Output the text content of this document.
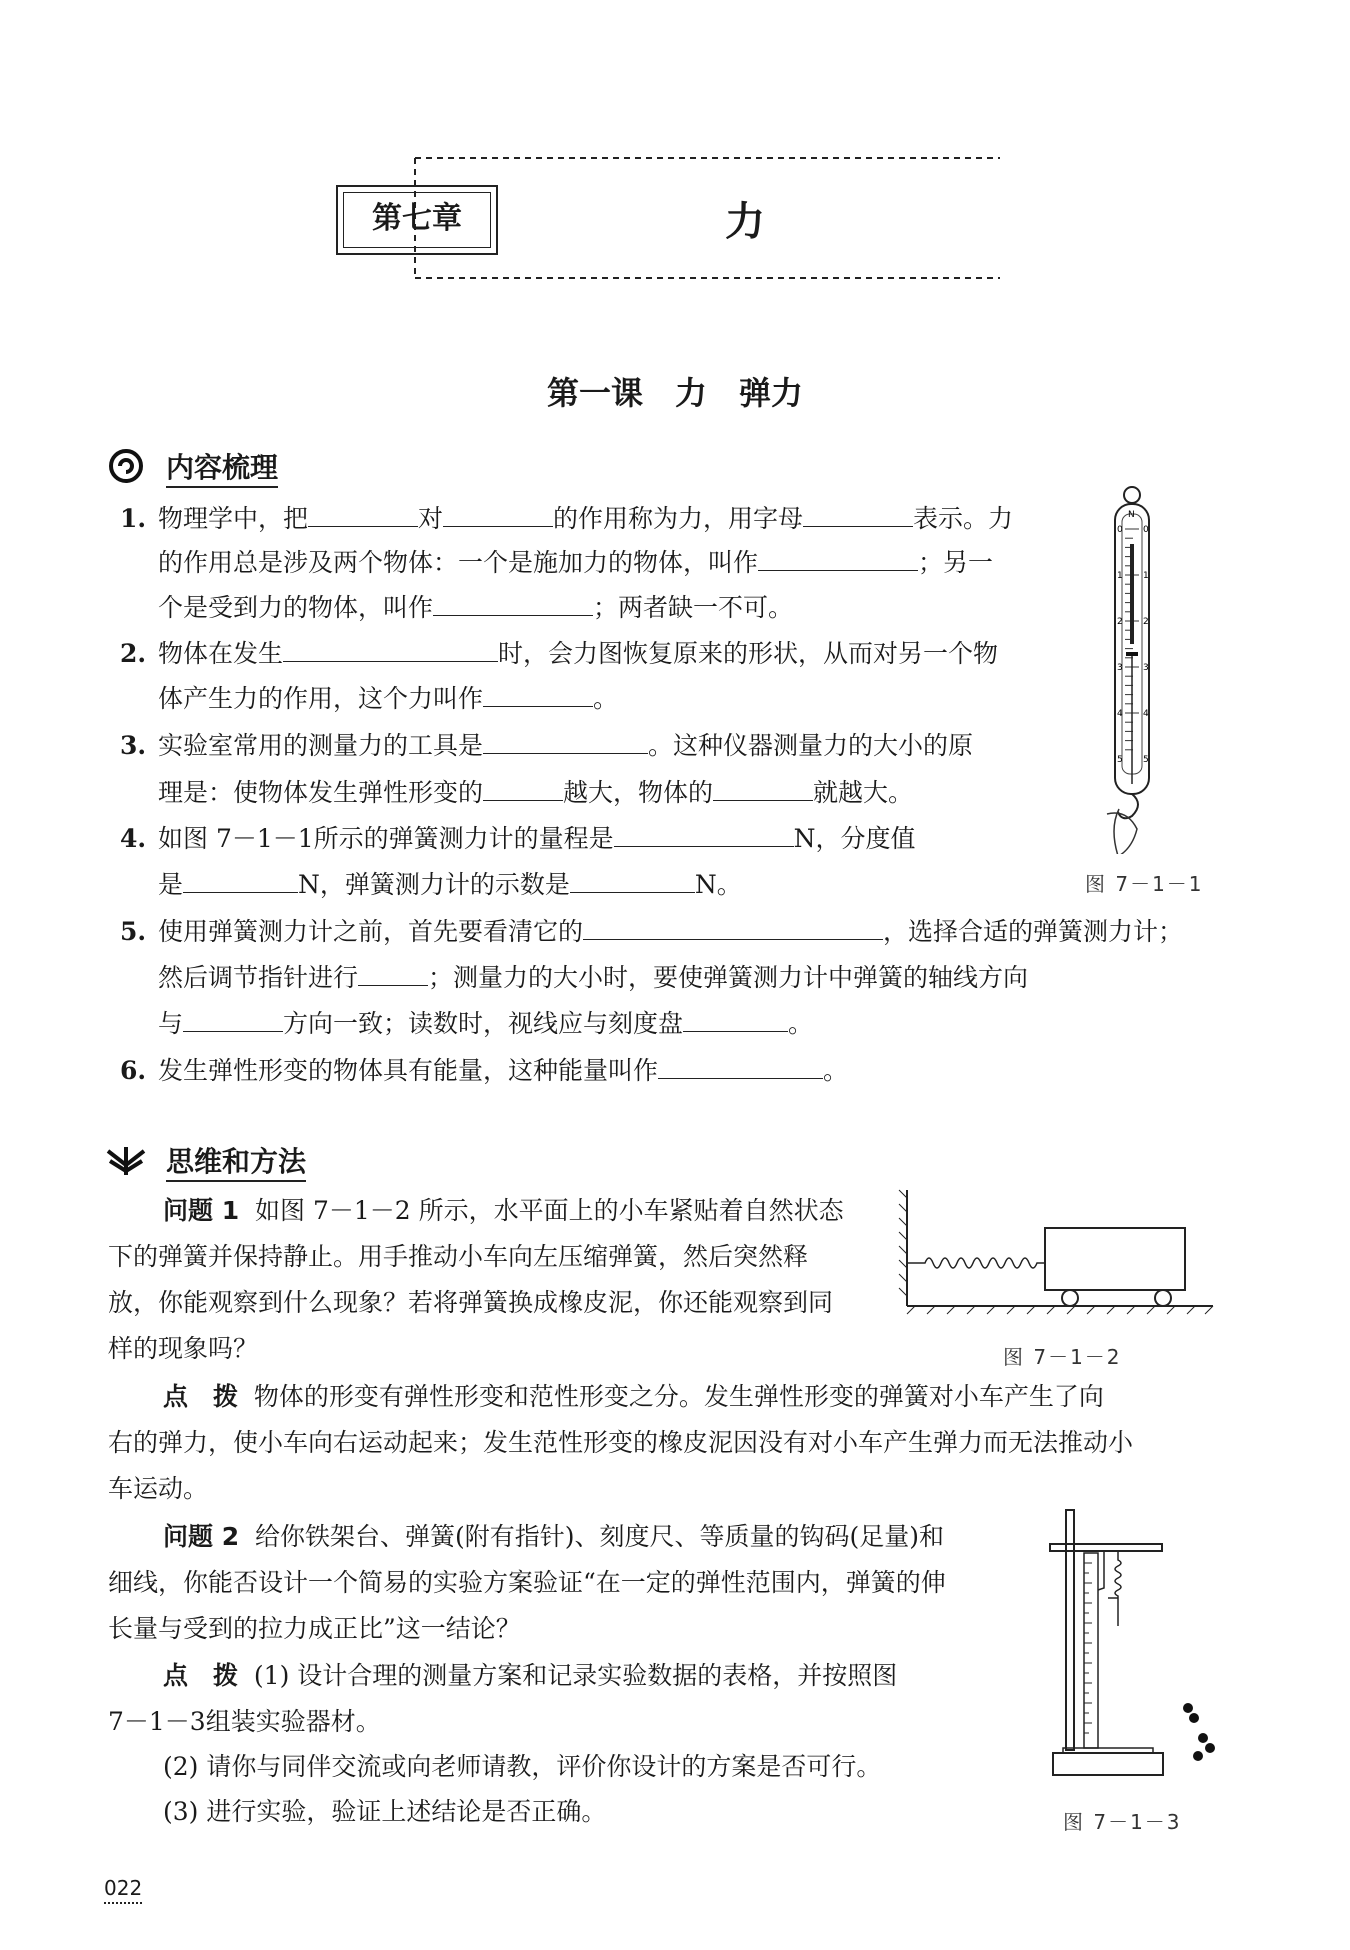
第七章	力
第一课　力　弹力
内容梳理
1. 物理学中，把	对	的作用称为力，用字母	表示。力
的作用总是涉及两个物体：一个是施加力的物体，叫作	；另一
个是受到力的物体，叫作	；两者缺一不可。
2. 物体在发生	时，会力图恢复原来的形状，从而对另一个物
体产生力的作用，这个力叫作	。
3. 实验室常用的测量力的工具是	。这种仪器测量力的大小的原
理是：使物体发生弹性形变的	越大，物体的	就越大。
4. 如图 7－1－1所示的弹簧测力计的量程是	N，分度值
是	N，弹簧测力计的示数是	N。
5. 使用弹簧测力计之前，首先要看清它的	，选择合适的弹簧测力计；
然后调节指针进行	；测量力的大小时，要使弹簧测力计中弹簧的轴线方向
与	方向一致；读数时，视线应与刻度盘	。
6. 发生弹性形变的物体具有能量，这种能量叫作	。
N
0 0
1 1
2 2
3 3
4 4
5 5
图 7－1－1
思维和方法
问题 1 如图 7－1－2 所示，水平面上的小车紧贴着自然状态
下的弹簧并保持静止。用手推动小车向左压缩弹簧，然后突然释
放，你能观察到什么现象？若将弹簧换成橡皮泥，你还能观察到同
样的现象吗？	图 7－1－2
点　拨 物体的形变有弹性形变和范性形变之分。发生弹性形变的弹簧对小车产生了向
右的弹力，使小车向右运动起来；发生范性形变的橡皮泥因没有对小车产生弹力而无法推动小
车运动。
问题 2 给你铁架台、弹簧(附有指针)、刻度尺、等质量的钩码(足量)和
细线，你能否设计一个简易的实验方案验证“在一定的弹性范围内，弹簧的伸
长量与受到的拉力成正比”这一结论？
点　拨 (1) 设计合理的测量方案和记录实验数据的表格，并按照图
7－1－3组装实验器材。
(2) 请你与同伴交流或向老师请教，评价你设计的方案是否可行。
(3) 进行实验，验证上述结论是否正确。	图 7－1－3
022
